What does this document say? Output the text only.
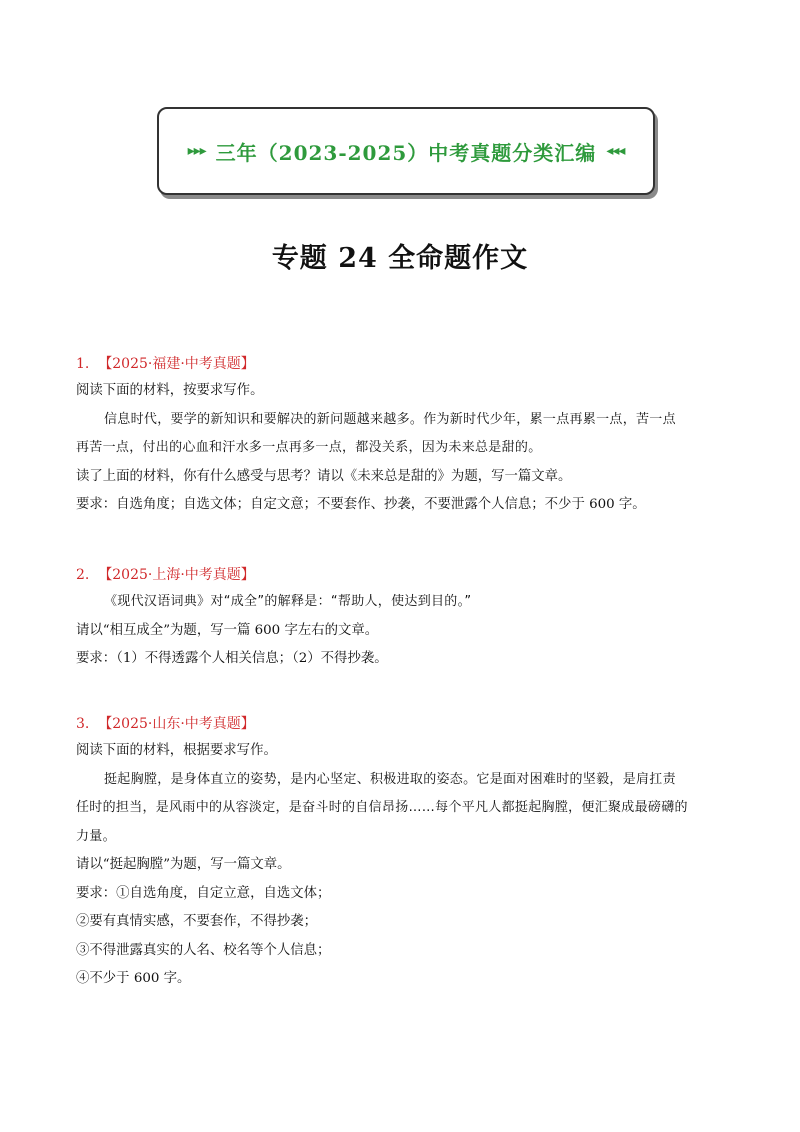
▸▸▸ 三年（2023-2025）中考真题分类汇编 ◂◂◂
专题 24 全命题作文
1. 【2025·福建·中考真题】
阅读下面的材料，按要求写作。
信息时代，要学的新知识和要解决的新问题越来越多。作为新时代少年，累一点再累一点，苦一点
再苦一点，付出的心血和汗水多一点再多一点，都没关系，因为未来总是甜的。
读了上面的材料，你有什么感受与思考？请以《未来总是甜的》为题，写一篇文章。
要求：自选角度；自选文体；自定文意；不要套作、抄袭，不要泄露个人信息；不少于 600 字。
2. 【2025·上海·中考真题】
《现代汉语词典》对“成全”的解释是：“帮助人，使达到目的。”
请以“相互成全”为题，写一篇 600 字左右的文章。
要求：（1）不得透露个人相关信息；（2）不得抄袭。
3. 【2025·山东·中考真题】
阅读下面的材料，根据要求写作。
挺起胸膛，是身体直立的姿势，是内心坚定、积极进取的姿态。它是面对困难时的坚毅，是肩扛责
任时的担当，是风雨中的从容淡定，是奋斗时的自信昂扬……每个平凡人都挺起胸膛，便汇聚成最磅礴的
力量。
请以“挺起胸膛”为题，写一篇文章。
要求：①自选角度，自定立意，自选文体；
②要有真情实感，不要套作，不得抄袭；
③不得泄露真实的人名、校名等个人信息；
④不少于 600 字。
